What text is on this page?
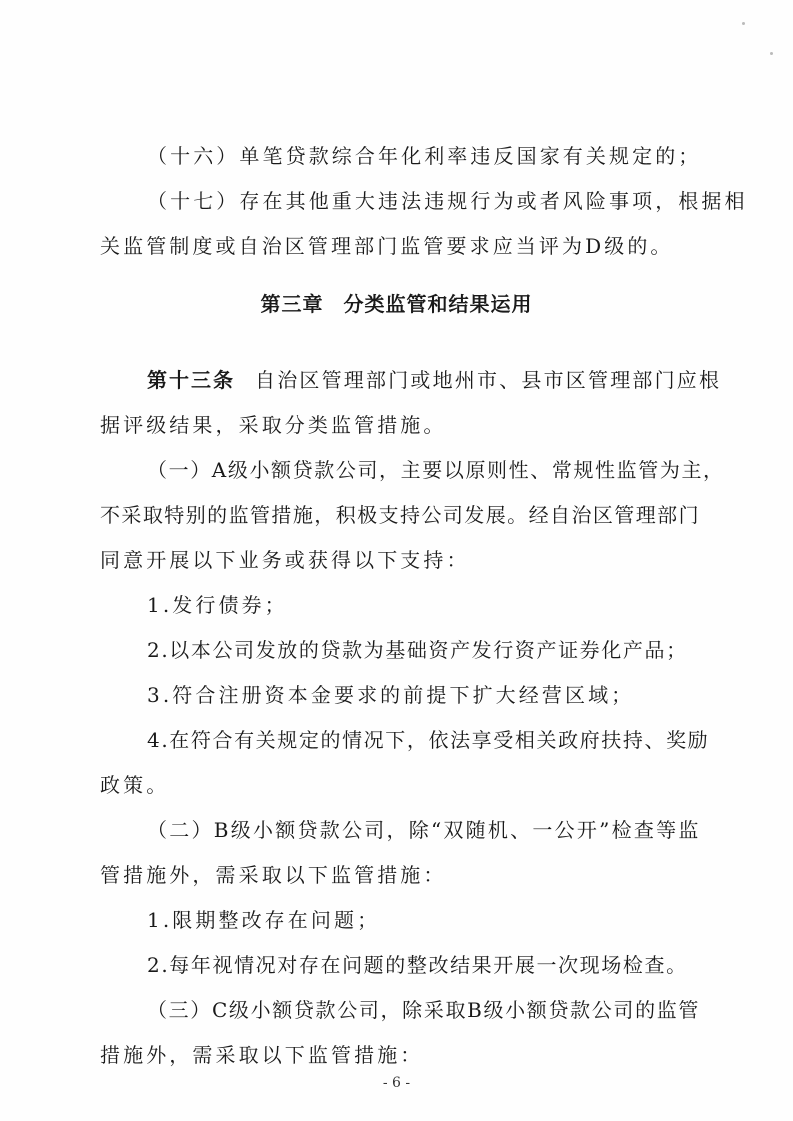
（十六）单笔贷款综合年化利率违反国家有关规定的；
（十七）存在其他重大违法违规行为或者风险事项，根据相
关监管制度或自治区管理部门监管要求应当评为D级的。
第三章 分类监管和结果运用
第十三条 自治区管理部门或地州市、县市区管理部门应根
据评级结果，采取分类监管措施。
（一）A级小额贷款公司，主要以原则性、常规性监管为主，
不采取特别的监管措施，积极支持公司发展。经自治区管理部门
同意开展以下业务或获得以下支持：
1.发行债券；
2.以本公司发放的贷款为基础资产发行资产证券化产品；
3.符合注册资本金要求的前提下扩大经营区域；
4.在符合有关规定的情况下，依法享受相关政府扶持、奖励
政策。
（二）B级小额贷款公司，除“双随机、一公开”检查等监
管措施外，需采取以下监管措施：
1.限期整改存在问题；
2.每年视情况对存在问题的整改结果开展一次现场检查。
（三）C级小额贷款公司，除采取B级小额贷款公司的监管
措施外，需采取以下监管措施：
- 6 -
